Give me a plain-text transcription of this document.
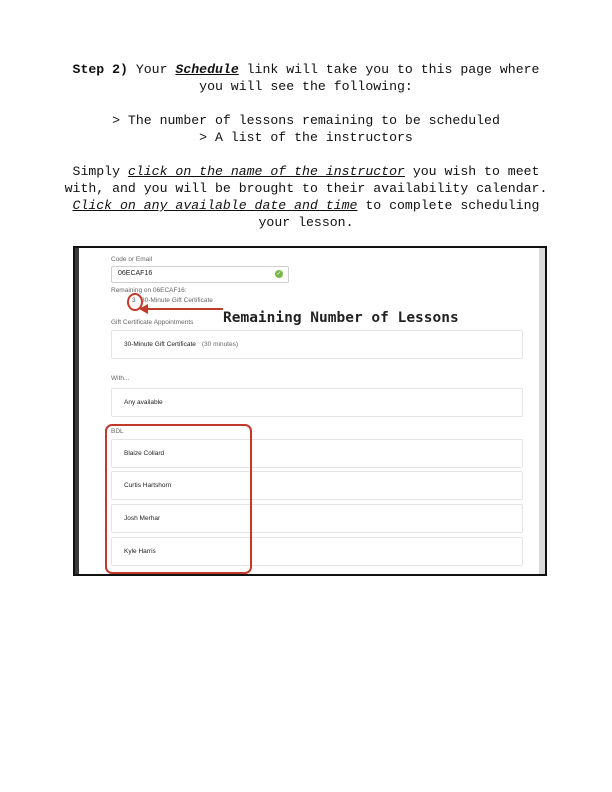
Step 2) Your Schedule link will take you to this page where you will see the following:

> The number of lessons remaining to be scheduled

> A list of the instructors

Simply click on the name of the instructor you wish to meet with, and you will be brought to their availability calendar. Click on any available date and time to complete scheduling your lesson.

Code or Email
06ECAF16	✓
Remaining on 06ECAF16:
3 30-Minute Gift Certificate
Remaining Number of Lessons
Gift Certificate Appointments
30-Minute Gift Certificate (30 minutes)
With...
Any available
BDL
Blaize Collard
Curtis Hartshorn
Josh Merhar
Kyle Harris
